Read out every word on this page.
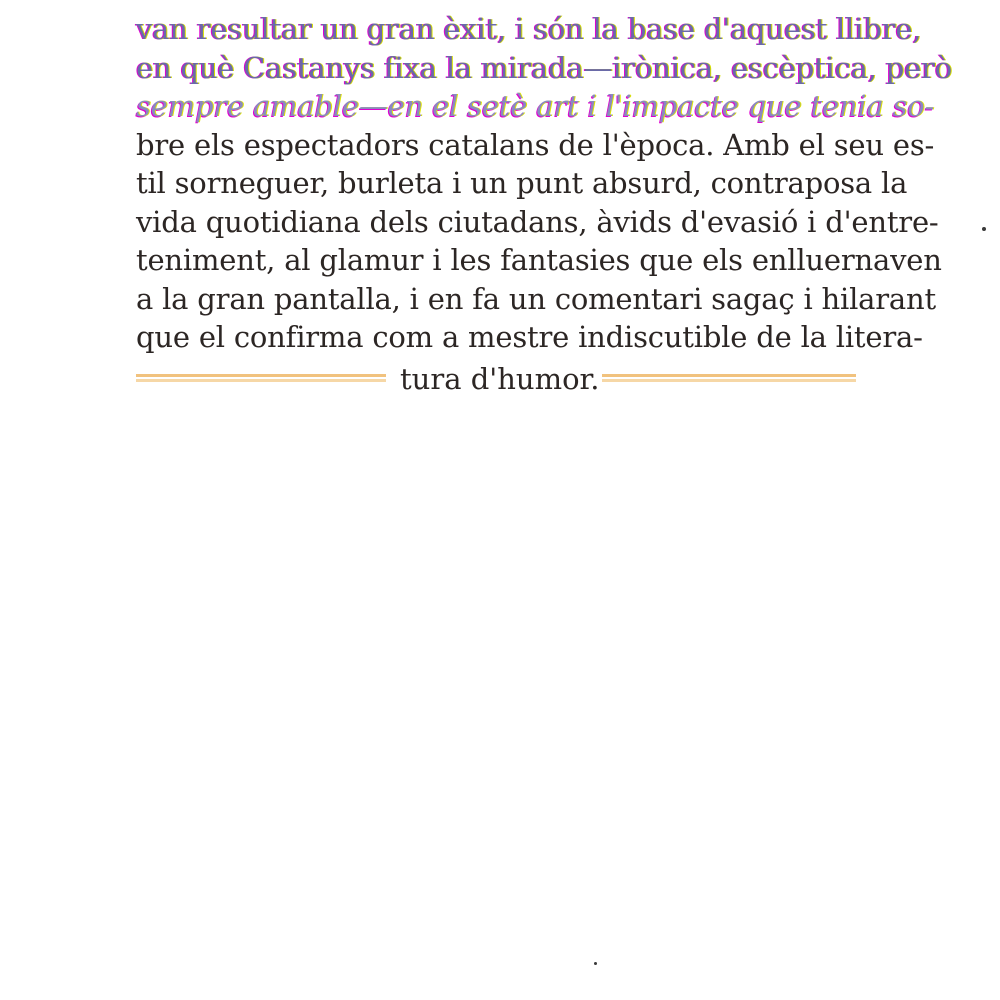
van resultar un gran èxit, i són la base d'aquest llibre,
en què Castanys fixa la mirada—irònica, escèptica, però
sempre amable—en el setè art i l'impacte que tenia so-
bre els espectadors catalans de l'època. Amb el seu es-
til sorneguer, burleta i un punt absurd, contraposa la
vida quotidiana dels ciutadans, àvids d'evasió i d'entre-
teniment, al glamur i les fantasies que els enlluernaven
a la gran pantalla, i en fa un comentari sagaç i hilarant
que el confirma com a mestre indiscutible de la litera-
tura d'humor.
